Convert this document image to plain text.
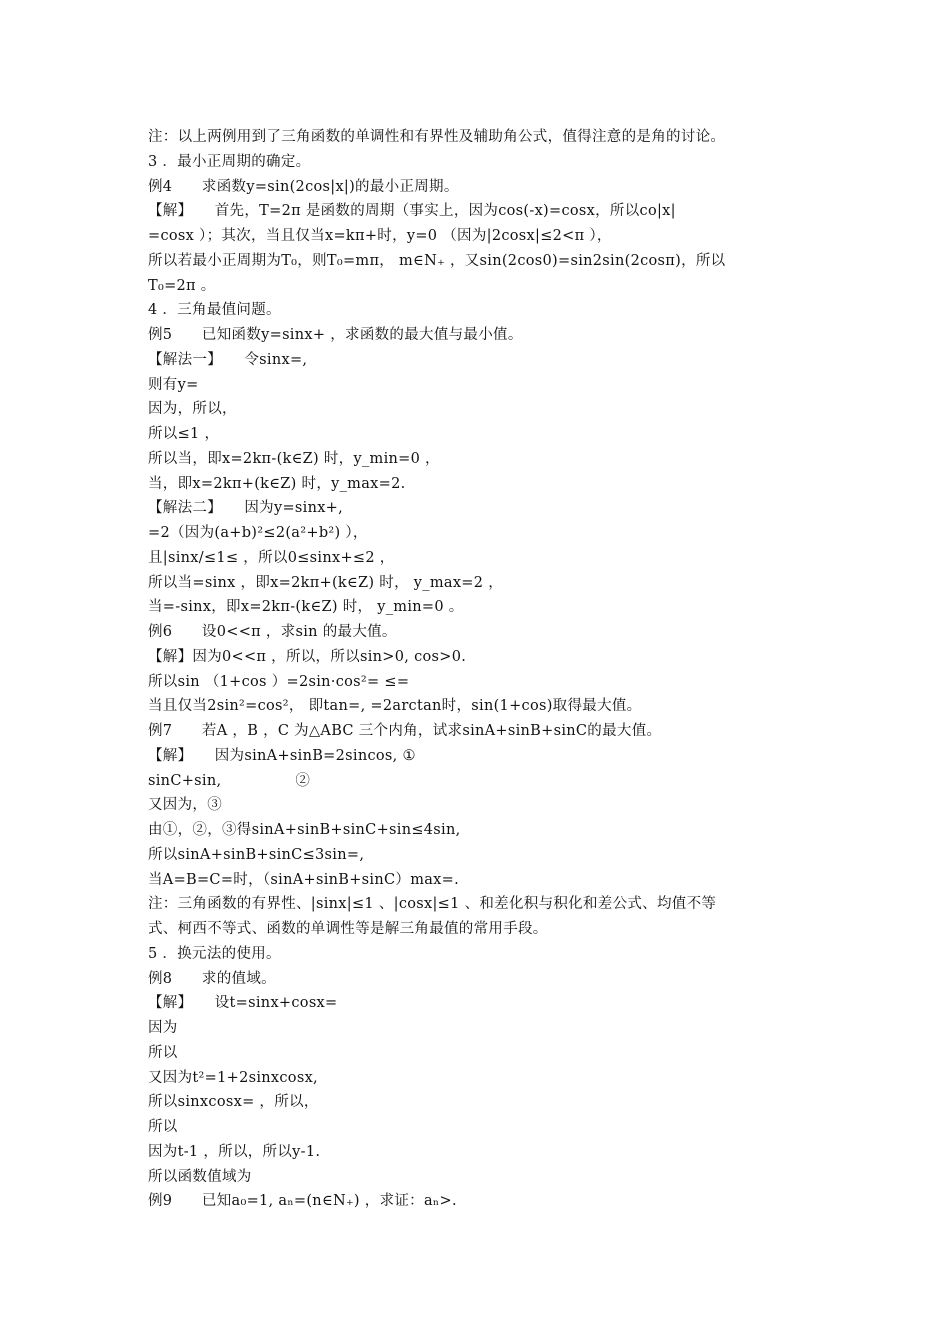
注：以上两例用到了三角函数的单调性和有界性及辅助角公式，值得注意的是角的讨论。
3 ．最小正周期的确定。
例4　　求函数y=sin(2cos|x|)的最小正周期。
【解】　　首先，T=2π 是函数的周期（事实上，因为cos(-x)=cosx，所以co|x|
=cosx ）；其次，当且仅当x=kπ+时，y=0 （因为|2cosx|≤2<π ），
所以若最小正周期为T₀，则T₀=mπ， m∈N₊ ，又sin(2cos0)=sin2sin(2cosπ)，所以
T₀=2π 。
4 ．三角最值问题。
例5　　已知函数y=sinx+ ，求函数的最大值与最小值。
【解法一】　　令sinx=,
则有y=
因为，所以，
所以≤1 ，
所以当，即x=2kπ-(k∈Z) 时，y_min=0 ，
当，即x=2kπ+(k∈Z) 时，y_max=2.
【解法二】　　因为y=sinx+,
=2（因为(a+b)²≤2(a²+b²) ），
且|sinx/≤1≤ ，所以0≤sinx+≤2 ，
所以当=sinx ，即x=2kπ+(k∈Z) 时， y_max=2 ，
当=-sinx，即x=2kπ-(k∈Z) 时， y_min=0 。
例6　　设0<<π ，求sin 的最大值。
【解】因为0<<π ，所以，所以sin>0, cos>0.
所以sin （1+cos ）=2sin·cos²= ≤=
当且仅当2sin²=cos²， 即tan=, =2arctan时，sin(1+cos)取得最大值。
例7　　若A ，B ，C 为△ABC 三个内角，试求sinA+sinB+sinC的最大值。
【解】　　因为sinA+sinB=2sincos, ①
sinC+sin,　　　　　②
又因为，③
由①，②，③得sinA+sinB+sinC+sin≤4sin,
所以sinA+sinB+sinC≤3sin=,
当A=B=C=时，（sinA+sinB+sinC）max=.
注：三角函数的有界性、|sinx|≤1 、|cosx|≤1 、和差化积与积化和差公式、均值不等
式、柯西不等式、函数的单调性等是解三角最值的常用手段。
5 ．换元法的使用。
例8　　求的值域。
【解】　　设t=sinx+cosx=
因为
所以
又因为t²=1+2sinxcosx,
所以sinxcosx= ，所以，
所以
因为t-1 ，所以，所以y-1.
所以函数值域为
例9　　已知a₀=1, aₙ=(n∈N₊) ，求证：aₙ>.
